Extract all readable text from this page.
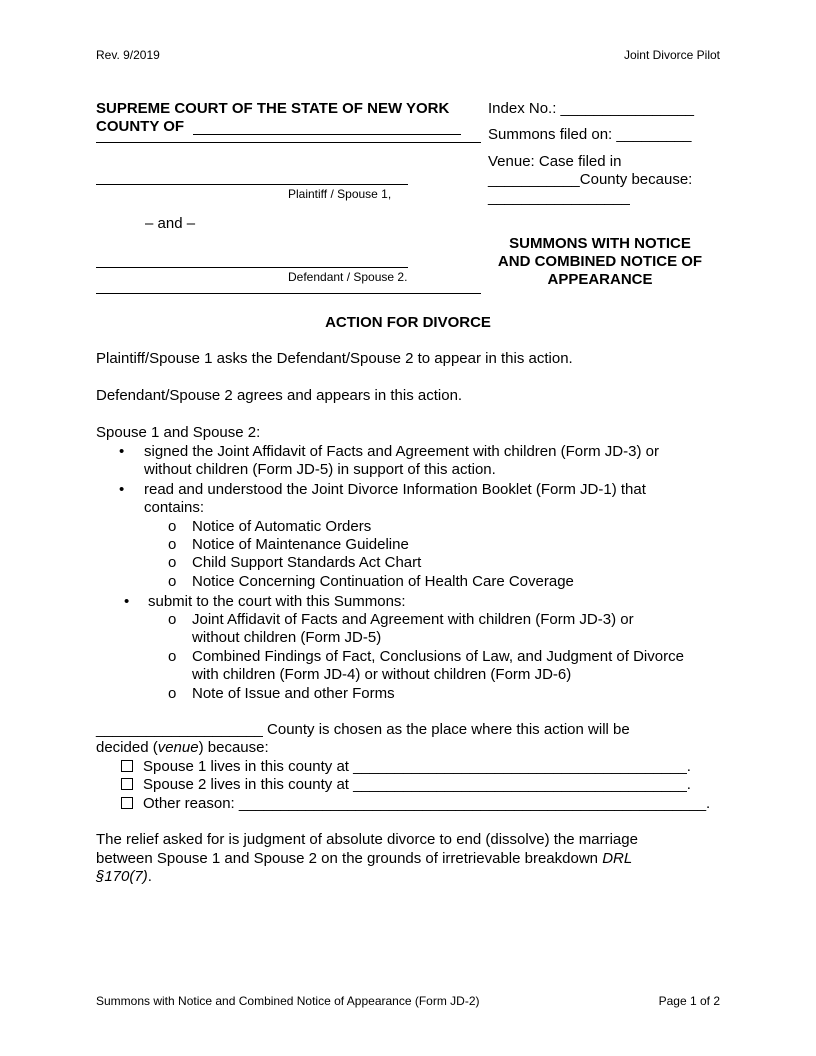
Rev. 9/2019	Joint Divorce Pilot
SUPREME COURT OF THE STATE OF NEW YORK
COUNTY OF
Plaintiff / Spouse 1,
– and –
Defendant / Spouse 2.
Index No.: ________________
Summons filed on: _________
Venue: Case filed in
___________County because:
_________________
SUMMONS WITH NOTICE
AND COMBINED NOTICE OF
APPEARANCE
ACTION FOR DIVORCE
Plaintiff/Spouse 1 asks the Defendant/Spouse 2 to appear in this action.
Defendant/Spouse 2 agrees and appears in this action.
Spouse 1 and Spouse 2:
• signed the Joint Affidavit of Facts and Agreement with children (Form JD-3) or
without children (Form JD-5) in support of this action.
• read and understood the Joint Divorce Information Booklet (Form JD-1) that
contains:
o Notice of Automatic Orders
o Notice of Maintenance Guideline
o Child Support Standards Act Chart
o Notice Concerning Continuation of Health Care Coverage
• submit to the court with this Summons:
o Joint Affidavit of Facts and Agreement with children (Form JD-3) or
without children (Form JD-5)
o Combined Findings of Fact, Conclusions of Law, and Judgment of Divorce
with children (Form JD-4) or without children (Form JD-6)
o Note of Issue and other Forms
____________________ County is chosen as the place where this action will be
decided (venue) because:
Spouse 1 lives in this county at ________________________________________.
Spouse 2 lives in this county at ________________________________________.
Other reason: ________________________________________________________.
The relief asked for is judgment of absolute divorce to end (dissolve) the marriage
between Spouse 1 and Spouse 2 on the grounds of irretrievable breakdown DRL
§170(7).
Summons with Notice and Combined Notice of Appearance (Form JD-2)	Page 1 of 2
